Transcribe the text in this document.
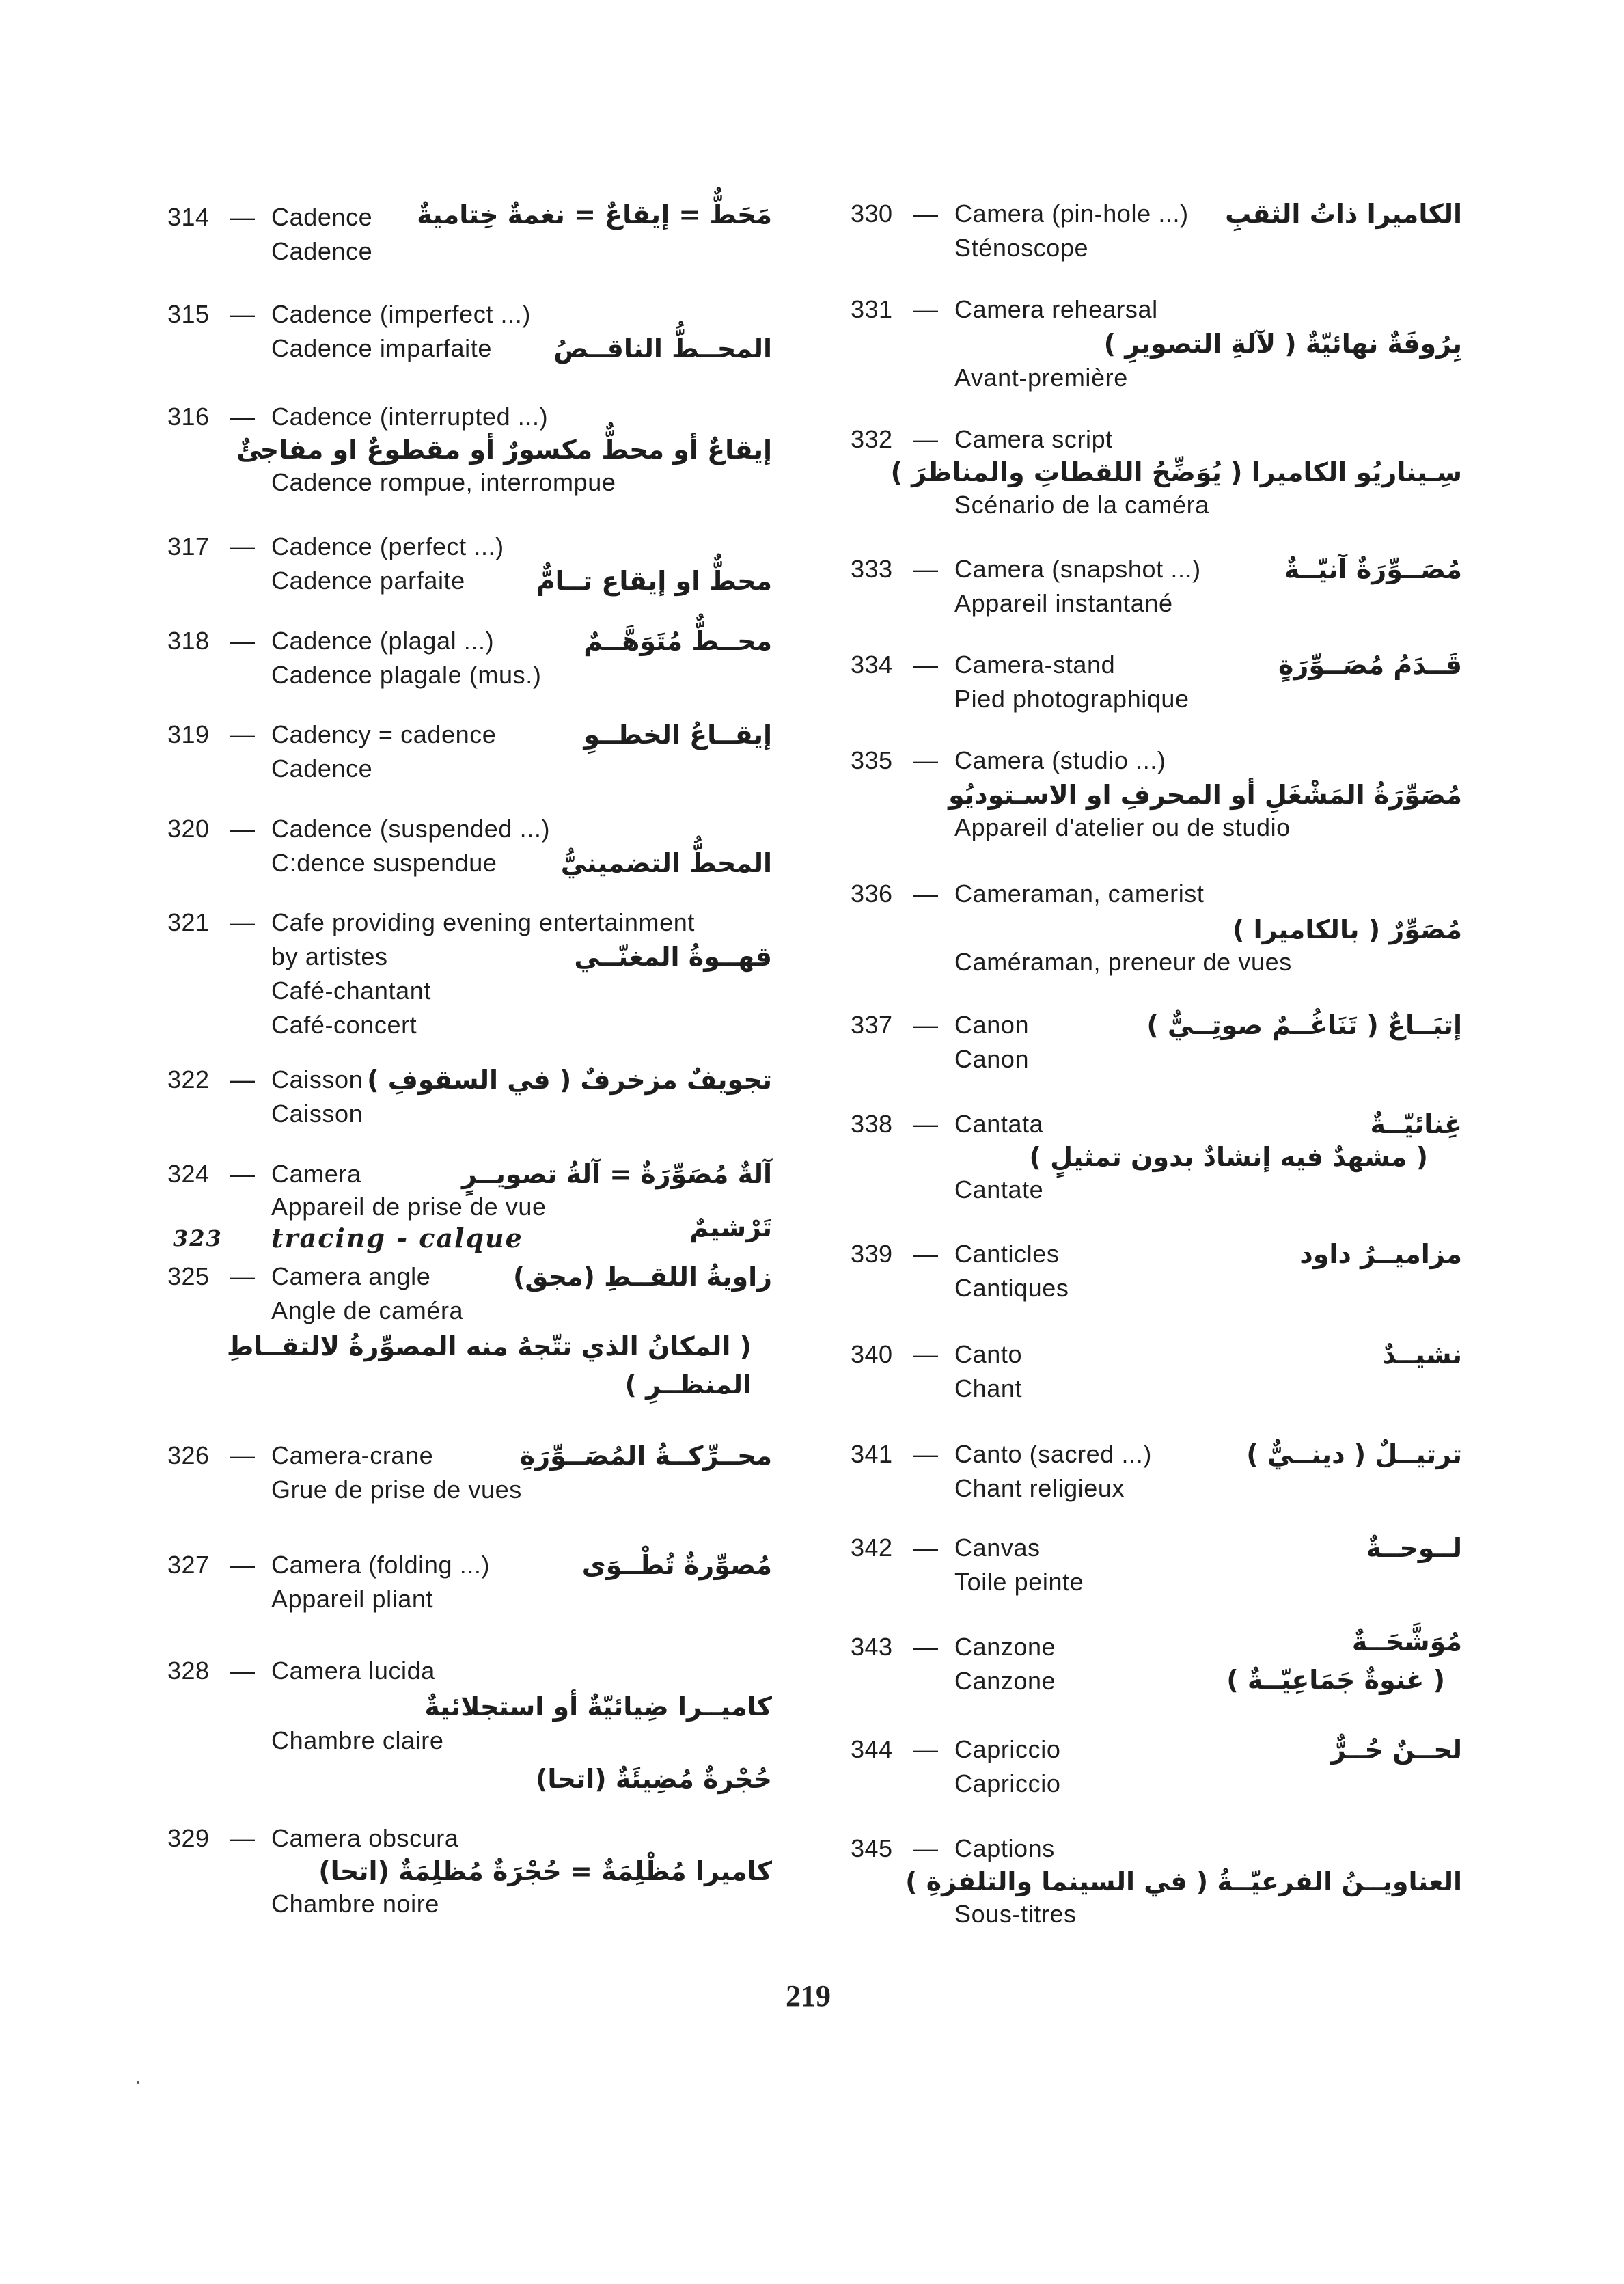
314 — Cadence مَحَطٌّ = إيقاعٌ = نغمةٌ خِتاميةٌ
Cadence
315 — Cadence (imperfect ...)
Cadence imparfaite المحــطُّ الناقــصُ
316 — Cadence (interrupted ...)
إيقاعٌ أو محطٌّ مكسورٌ أو مقطوعٌ او مفاجئٌ
Cadence rompue, interrompue
317 — Cadence (perfect ...)
Cadence parfaite	محطٌّ او إيقاع تــامٌّ
318 — Cadence (plagal ...)	محــطٌّ مُتَوَهَّــمٌ
Cadence plagale (mus.)
319 — Cadency = cadence	إيقــاعُ الخطــوِ
Cadence
320 — Cadence (suspended ...)
C:dence suspendue المحطُّ التضمينيُّ
321 — Cafe providing evening entertainment
by artistes	قهــوةُ المغنّــي
Café-chantant
Café-concert
322 — Caisson تجويفٌ مزخرفٌ ( في السقوفِ )
Caisson
324 — Camera	آلةٌ مُصَوِّرَةٌ = آلةُ تصويــرٍ
Appareil de prise de vue
323 tracing - calque	تَرْشيمٌ
325 — Camera angle	زاويةُ اللقــطِ (مجق)
Angle de caméra
( المكانُ الذي تتّجهُ منه المصوِّرةُ لالتقــاطِ
المنظــرِ )
326 — Camera-crane	محــرِّكــةُ المُصَــوِّرَةِ
Grue de prise de vues
327 — Camera (folding ...)	مُصوِّرةٌ تُطْــوَى
Appareil pliant
328 — Camera lucida
كاميــرا ضِيائيّةٌ أو استجلائيةٌ
Chambre claire
حُجْرةٌ مُضِيئَةٌ (اتحا)
329 — Camera obscura
كاميرا مُظْلِمَةٌ = حُجْرَةٌ مُظلِمَةٌ (اتحا)
Chambre noire
330 — Camera (pin-hole ...) الكاميرا ذاتُ الثقبِ
Sténoscope
331 — Camera rehearsal
بِرُوفَةٌ نهائيّةٌ ( لآلةِ التصويرِ )
Avant-première
332 — Camera script
سِـيناريُو الكاميرا ( يُوَضِّحُ اللقطاتِ والمناظرَ )
Scénario de la caméra
333 — Camera (snapshot ...)	مُصَــوِّرَةٌ آنيّــةٌ
Appareil instantané
334 — Camera-stand	قَــدَمُ مُصَــوِّرَةٍ
Pied photographique
335 — Camera (studio ...)
مُصَوِّرَةُ المَشْغَلِ أو المحرفِ او الاسـتوديُو
Appareil d'atelier ou de studio
336 — Cameraman, camerist
مُصَوِّرٌ ( بالكاميرا )
Caméraman, preneur de vues
337 — Canon	إتبَــاعٌ ( تَنَاغُــمٌ صوتِــيٌّ )
Canon
338 — Cantata	غِنائيّــةٌ
( مشهدٌ فيه إنشادٌ بدون تمثيلٍ )
Cantate
339 — Canticles	مزاميــرُ داود
Cantiques
340 — Canto	نشيــدٌ
Chant
341 — Canto (sacred ...)	ترتيــلٌ ( دينــيٌّ )
Chant religieux
342 — Canvas	لــوحــةٌ
Toile peinte
343 — Canzone	مُوَشَّحَــةٌ
Canzone	( غنوةٌ جَمَاعِيّــةٌ )
344 — Capriccio	لحــنٌ حُــرٌّ
Capriccio
345 — Captions
العناويــنُ الفرعيّــةُ ( في السينما والتلفزةِ )
Sous-titres
219
